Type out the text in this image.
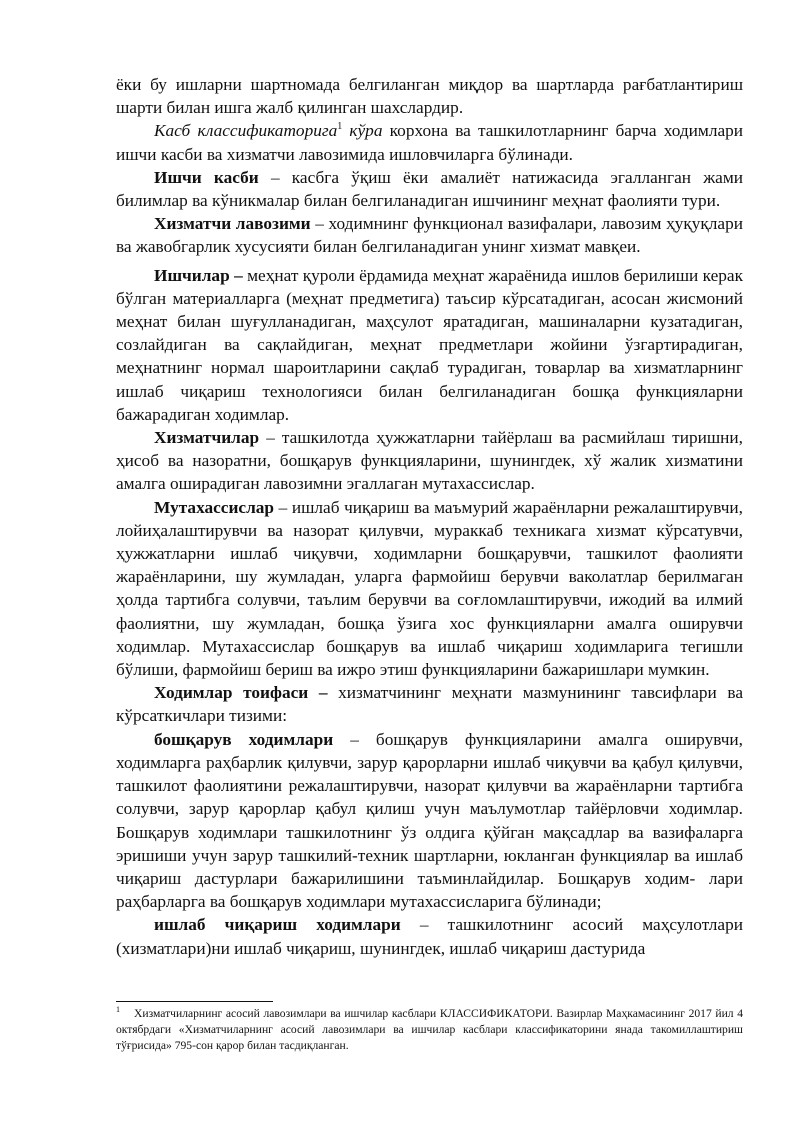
ёки бу ишларни шартномада белгиланган миқдор ва шартларда рағбатлантириш шарти билан ишга жалб қилинган шахслардир.

Касб классификаторига$^1$ кўра корхона ва ташкилотларнинг барча ходимлари ишчи касби ва хизматчи лавозимида ишловчиларга бўлинади.

Ишчи касби – касбга ўқиш ёки амалиёт натижасида эгалланган жами билимлар ва кўникмалар билан белгиланадиган ишчининг меҳнат фаолияти тури.

Хизматчи лавозими – ходимнинг функционал вазифалари, лавозим ҳуқуқлари ва жавобгарлик хусусияти билан белгиланадиган унинг хизмат мавқеи.

Ишчилар – меҳнат қуроли ёрдамида меҳнат жараёнида ишлов берилиши керак бўлган материалларга (меҳнат предметига) таъсир кўрсатадиган, асосан жисмоний меҳнат билан шуғулланадиган, маҳсулот яратадиган, машиналарни кузатадиган, созлайдиган ва сақлайдиган, меҳнат предметлари жойини ўзгартирадиган, меҳнатнинг нормал шароитларини сақлаб турадиган, товарлар ва хизматларнинг ишлаб чиқариш технологияси билан белгиланадиган бошқа функцияларни бажарадиган ходимлар.

Хизматчилар – ташкилотда ҳужжатларни тайёрлаш ва расмийлаш тиришни, ҳисоб ва назоратни, бошқарув функцияларини, шунингдек, хў жалик хизматини амалга оширадиган лавозимни эгаллаган мутахассислар.

Мутахассислар – ишлаб чиқариш ва маъмурий жараёнларни режалаштирувчи, лойиҳалаштирувчи ва назорат қилувчи, мураккаб техникага хизмат кўрсатувчи, ҳужжатларни ишлаб чиқувчи, ходимларни бошқарувчи, ташкилот фаолияти жараёнларини, шу жумладан, уларга фармойиш берувчи ваколатлар берилмаган ҳолда тартибга солувчи, таълим берувчи ва соғломлаштирувчи, ижодий ва илмий фаолиятни, шу жумладан, бошқа ўзига хос функцияларни амалга оширувчи ходимлар. Мутахассислар бошқарув ва ишлаб чиқариш ходимларига тегишли бўлиши, фармойиш бериш ва ижро этиш функцияларини бажаришлари мумкин.

Ходимлар тоифаси – хизматчининг меҳнати мазмунининг тавсифлари ва кўрсаткичлари тизими:

бошқарув ходимлари – бошқарув функцияларини амалга оширувчи, ходимларга раҳбарлик қилувчи, зарур қарорларни ишлаб чиқувчи ва қабул қилувчи, ташкилот фаолиятини режалаштирувчи, назорат қилувчи ва жараёнларни тартибга солувчи, зарур қарорлар қабул қилиш учун маълумотлар тайёрловчи ходимлар. Бошқарув ходимлари ташкилотнинг ўз олдига қўйган мақсадлар ва вазифаларга эришиши учун зарур ташкилий-техник шартларни, юкланган функциялар ва ишлаб чиқариш дастурлари бажарилишини таъминлайдилар. Бошқарув ходим- лари раҳбарларга ва бошқарув ходимлари мутахассисларига бўлинади;

ишлаб чиқариш ходимлари – ташкилотнинг асосий маҳсулотлари (хизматлари)ни ишлаб чиқариш, шунингдек, ишлаб чиқариш дастурида

$^1$ Хизматчиларнинг асосий лавозимлари ва ишчилар касблари КЛАССИФИКАТОРИ. Вазирлар Маҳкамасининг 2017 йил 4 октябрдаги «Хизматчиларнинг асосий лавозимлари ва ишчилар касблари классификаторини янада такомиллаштириш тўғрисида» 795-сон қарор билан тасдиқланган.
